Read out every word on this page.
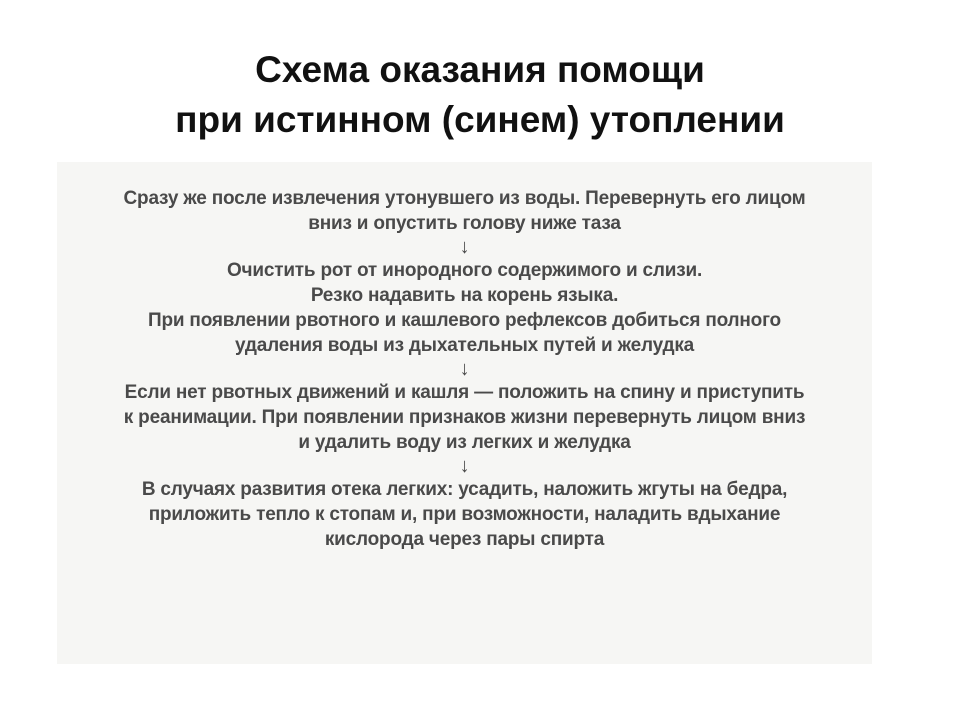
Схема оказания помощи
при истинном (синем) утоплении
Сразу же после извлечения утонувшего из воды. Перевернуть его лицом
вниз и опустить голову ниже таза
↓
Очистить рот от инородного содержимого и слизи.
Резко надавить на корень языка.
При появлении рвотного и кашлевого рефлексов добиться полного
удаления воды из дыхательных путей и желудка
↓
Если нет рвотных движений и кашля — положить на спину и приступить
к реанимации. При появлении признаков жизни перевернуть лицом вниз
и удалить воду из легких и желудка
↓
В случаях развития отека легких: усадить, наложить жгуты на бедра,
приложить тепло к стопам и, при возможности, наладить вдыхание
кислорода через пары спирта
